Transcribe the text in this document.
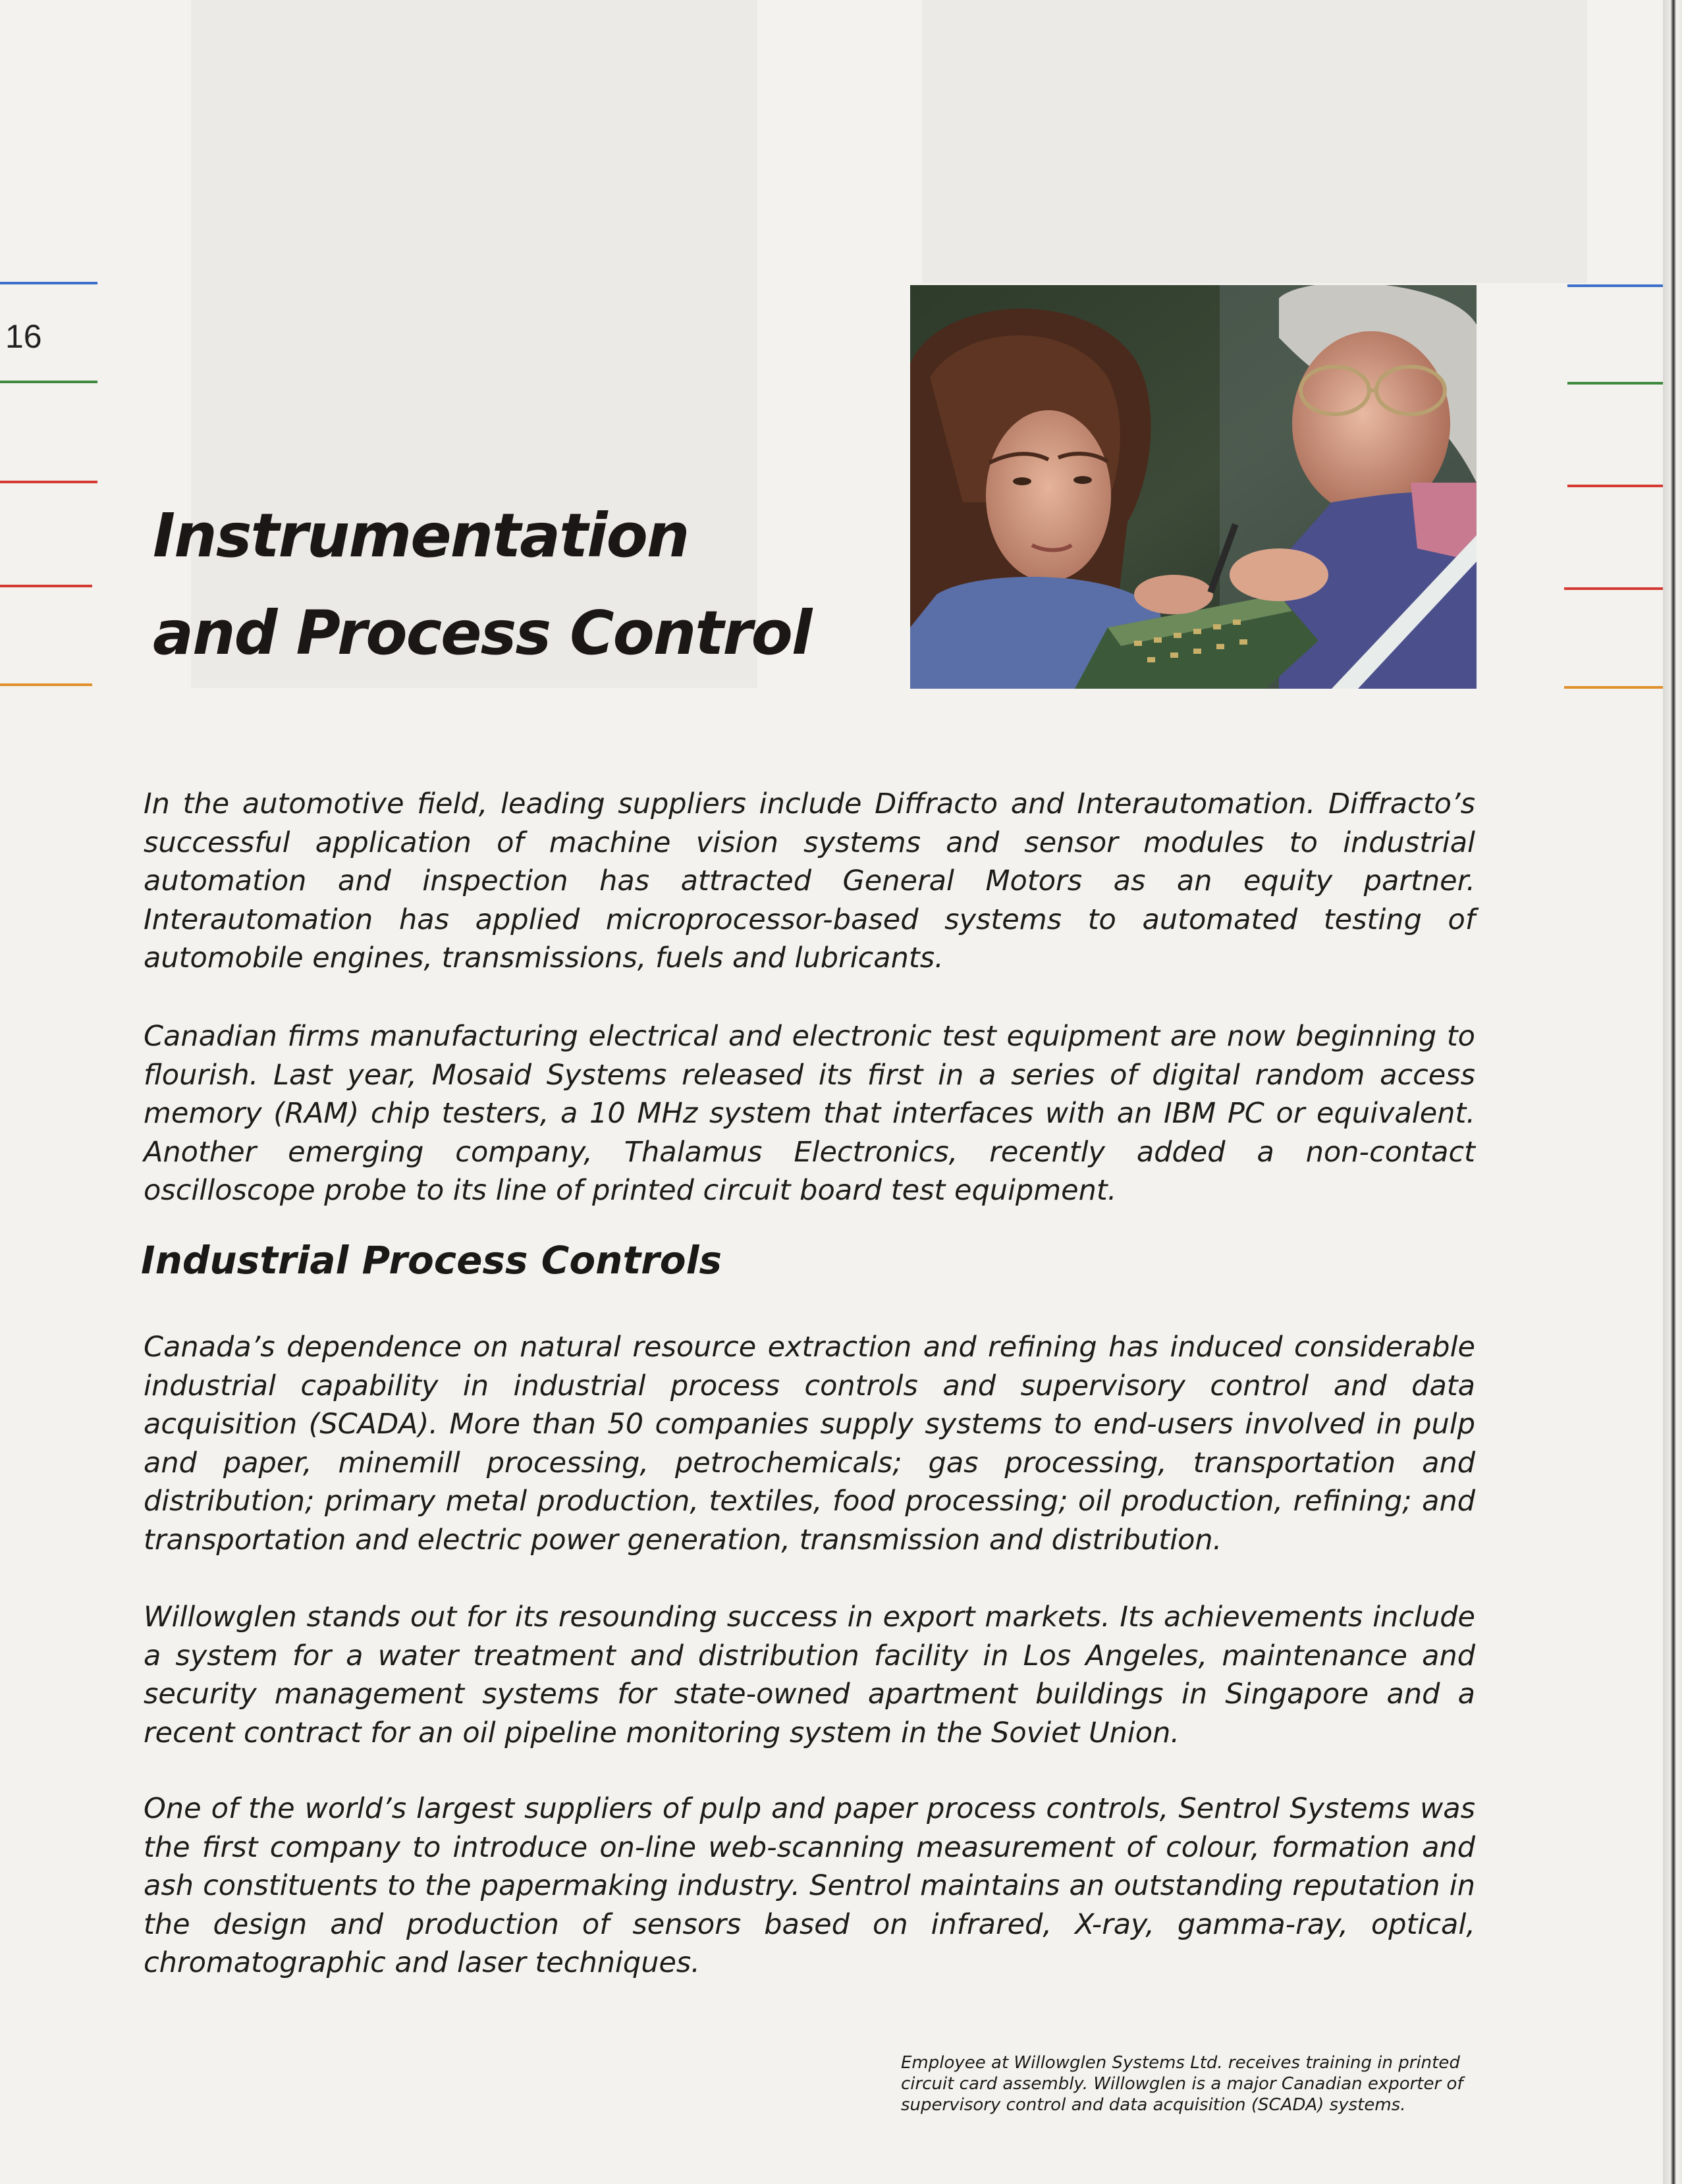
16

Instrumentation
and Process Control

In the automotive field, leading suppliers include Diffracto and Interautomation. Diffracto’s successful application of machine vision systems and sensor modules to industrial automation and inspection has attracted General Motors as an equity partner. Interautomation has applied microprocessor-based systems to automated testing of automobile engines, transmissions, fuels and lubricants.

Canadian firms manufacturing electrical and electronic test equipment are now beginning to flourish. Last year, Mosaid Systems released its first in a series of digital random access memory (RAM) chip testers, a 10 MHz system that interfaces with an IBM PC or equivalent. Another emerging company, Thalamus Electronics, recently added a non-contact oscilloscope probe to its line of printed circuit board test equipment.

Industrial Process Controls

Canada’s dependence on natural resource extraction and refining has induced considerable industrial capability in industrial process controls and supervisory control and data acquisition (SCADA). More than 50 companies supply systems to end-users involved in pulp and paper, minemill processing, petrochemicals; gas processing, transportation and distribution; primary metal production, textiles, food processing; oil production, refining; and transportation and electric power generation, transmission and distribution.

Willowglen stands out for its resounding success in export markets. Its achievements include a system for a water treatment and distribution facility in Los Angeles, maintenance and security management systems for state-owned apartment buildings in Singapore and a recent contract for an oil pipeline monitoring system in the Soviet Union.

One of the world’s largest suppliers of pulp and paper process controls, Sentrol Systems was the first company to introduce on-line web-scanning measurement of colour, formation and ash constituents to the papermaking industry. Sentrol maintains an outstanding reputation in the design and production of sensors based on infrared, X-ray, gamma-ray, optical, chromatographic and laser techniques.

Employee at Willowglen Systems Ltd. receives training in printed circuit card assembly. Willowglen is a major Canadian exporter of supervisory control and data acquisition (SCADA) systems.
